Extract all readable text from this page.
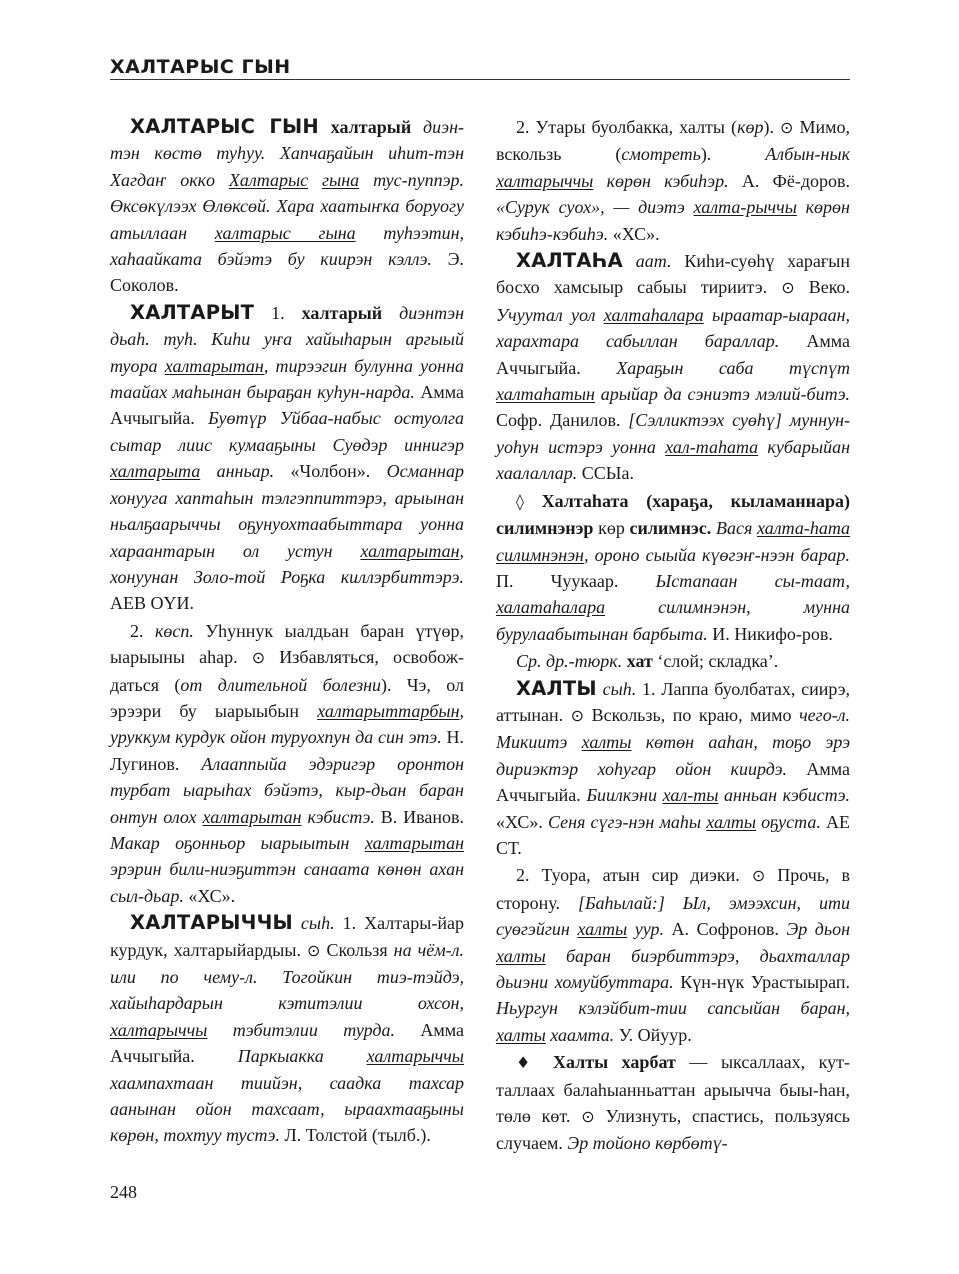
ХАЛТАРЫС ГЫН

ХАЛТАРЫС ГЫН халтарый диэн-тэн көстө туһуу. Хапчаҕайын иһит-тэн Хагдаҥ оккo Халтарыс гына тус-пуппэр. Өксөкүлээх Өлөксөй. Хара хаатыҥка боруогу атыллаан халтарыс гына туһээтин, хаһаайката бэйэтэ бу киирэн кэллэ. Э. Соколов.

ХАЛТАРЫТ 1. халтарый диэнтэн дьаһ. туһ. Киһи уҥа хайыһарын аргыый туора халтарытан, тирээгин булунна уонна таайах маһынан быраҕан куһун-нарда. Амма Аччыгыйа. Буөтүр Уйбаа-набыс остуолга сытар лиис кумааҕыны Суөдэр иннигэр халтарыта анньар. «Чолбон». Османнар хонууга хаптаһын тэлгэппиттэрэ, арыынан ньалҕаарыччы оҕунуохтаабыттара уонна хараантарын ол устун халтарытан, хонуунан Золо-той Роҕка киллэрбиттэрэ. АЕВ ОҮИ.

2. көсп. Уһуннук ыалдьан баран үтүөр, ыарыыны аһар. ⊙ Избавляться, освобож-даться (от длительной болезни). Чэ, ол эрээри бу ыарыыбын халтарыттарбын, уруккум курдук ойон туруохпун да син этэ. Н. Лугинов. Алааппыйа эдэригэр оронтон турбат ыарыһах бэйэтэ, кыр-дьан баран онтун олох халтарытан кэбистэ. В. Иванов. Макар оҕонньор ыарыытын халтарытан эрэрин били-ниэҕиттэн санаата көнөн ахан сыл-дьар. «ХС».

ХАЛТАРЫЧЧЫ сыһ. 1. Халтары-йар курдук, халтарыйардыы. ⊙ Скользя на чём-л. или по чему-л. Тогойкин тиэ-тэйдэ, хайыһардарын кэтитэлии охсон, халтарыччы тэбитэлии турда. Амма Аччыгыйа. Паркыакка халтарыччы хаампахтаан тиийэн, саадка тахсар аанынан ойон тахсаат, ыраахтааҕыны көрөн, тохтуу тустэ. Л. Толстой (тылб.).

2. Утары буолбакка, халты (көр). ⊙ Мимо, вскользь (смотреть).	Албын-нык халтарыччы көрөн кэбиһэр. А. Фё-доров. «Сурук суох», — диэтэ халта-рыччы көрөн кэбиһэ-кэбиһэ. «ХС».

ХАЛТАҺА аат. Киһи-суөһү харағын босхо хамсыыр сабыы тириитэ. ⊙ Веко. Учуутал уол халтаһалара ыраатар-ыараан, харахтара сабыллан бараллар. Амма Аччыгыйа. Хараҕын саба түспүт халтаһатын арыйар да сэниэтэ мэлий-битэ. Софр. Данилов. [Сэлликтээх суөһү] муннун-уоһун истэрэ уонна хал-таһата кубарыйан хаалаллар. ССЫа.

◊ Халтаһата (хараҕа, кыламаннара) силимнэнэр көр силимнэс. Вася халта-һата силимнэнэн, ороно сыыйа күөгэҥ-нээн барар. П. Чуукаар. Ыстапаан сы-таат, халатаһалара	силимнэнэн, мунна бурулаабытынан барбыта. И. Никифо-ров.

Ср. др.-тюрк. хат ‘слой; складка’.

ХАЛТЫ сыһ. 1. Лаппа буолбатах, сиирэ, аттынан. ⊙ Вскользь, по краю, мимо чего-л. Микиитэ халты көтөн ааһан, тоҕо эрэ дириэктэр хоһугар ойон киирдэ. Амма Аччыгыйа. Биилкэни хал-ты анньан кэбистэ. «ХС». Сеня сүгэ-нэн маһы халты оҕуста. АЕ СТ.

2. Туора, атын сир диэки. ⊙ Прочь, в сторону. [Баһылай:] Ыл, эмээхсин, ити суөгэйгин халты уур. А. Софронов. Эр дьон халты баран биэрбиттэрэ, дьахталлар дьиэни хомуйбуттара. Күн-нүк Урастыырап. Ньургун кэлэйбит-тии сапсыйан баран, халты хаамта. У. Ойуур.

♦ Халты харбат — ыксаллаах, кут-таллаах балаһыанньаттан арыычча быы-һан, төлө көт. ⊙ Улизнуть, спастись, пользуясь случаем. Эр тойоно көрбөтү-

248
